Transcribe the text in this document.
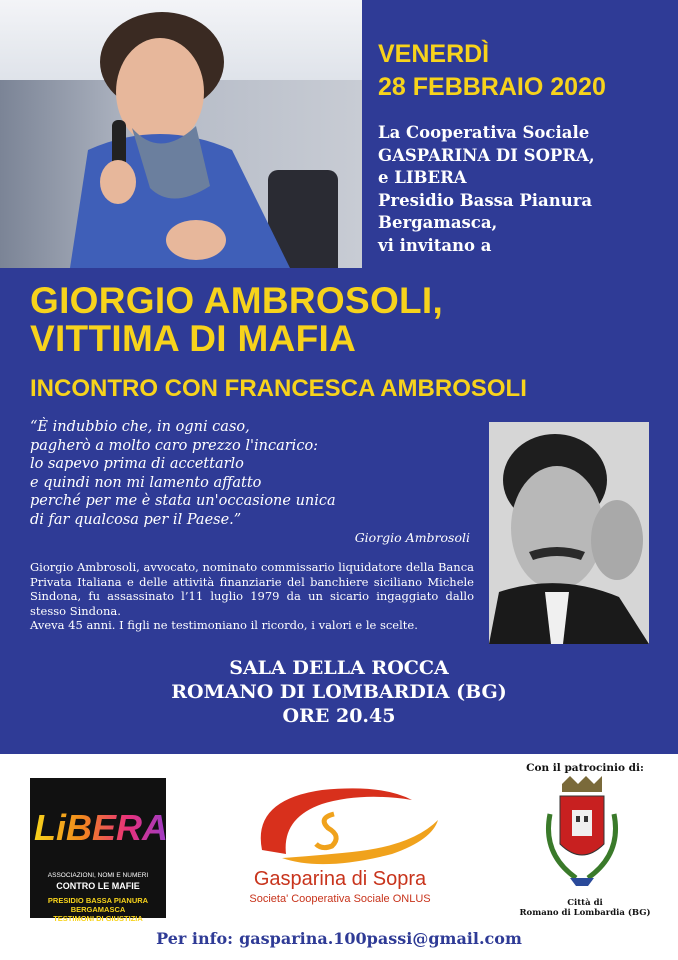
VENERDÌ
28 FEBBRAIO 2020
La Cooperativa Sociale
GASPARINA DI SOPRA,
e LIBERA
Presidio Bassa Pianura
Bergamasca,
vi invitano a
GIORGIO AMBROSOLI,
VITTIMA DI MAFIA
INCONTRO CON FRANCESCA AMBROSOLI
“È indubbio che, in ogni caso,
pagherò a molto caro prezzo l'incarico:
lo sapevo prima di accettarlo
e quindi non mi lamento affatto
perché per me è stata un'occasione unica
di far qualcosa per il Paese.”
Giorgio Ambrosoli
Giorgio Ambrosoli, avvocato, nominato commissario liquidatore della Banca Privata Italiana e delle attività finanziarie del banchiere siciliano Michele Sindona, fu assassinato l’11 luglio 1979 da un sicario ingaggiato dallo stesso Sindona.
Aveva 45 anni. I figli ne testimoniano il ricordo, i valori e le scelte.
SALA DELLA ROCCA
ROMANO DI LOMBARDIA (BG)
ORE 20.45
LiBERA
ASSOCIAZIONI, NOMI E NUMERI
CONTRO LE MAFIE
PRESIDIO BASSA PIANURA BERGAMASCA
TESTIMONI DI GIUSTIZIA
Gasparina di Sopra
Societa' Cooperativa Sociale ONLUS
Con il patrocinio di:
Città di
Romano di Lombardia (BG)
Per info: gasparina.100passi@gmail.com
